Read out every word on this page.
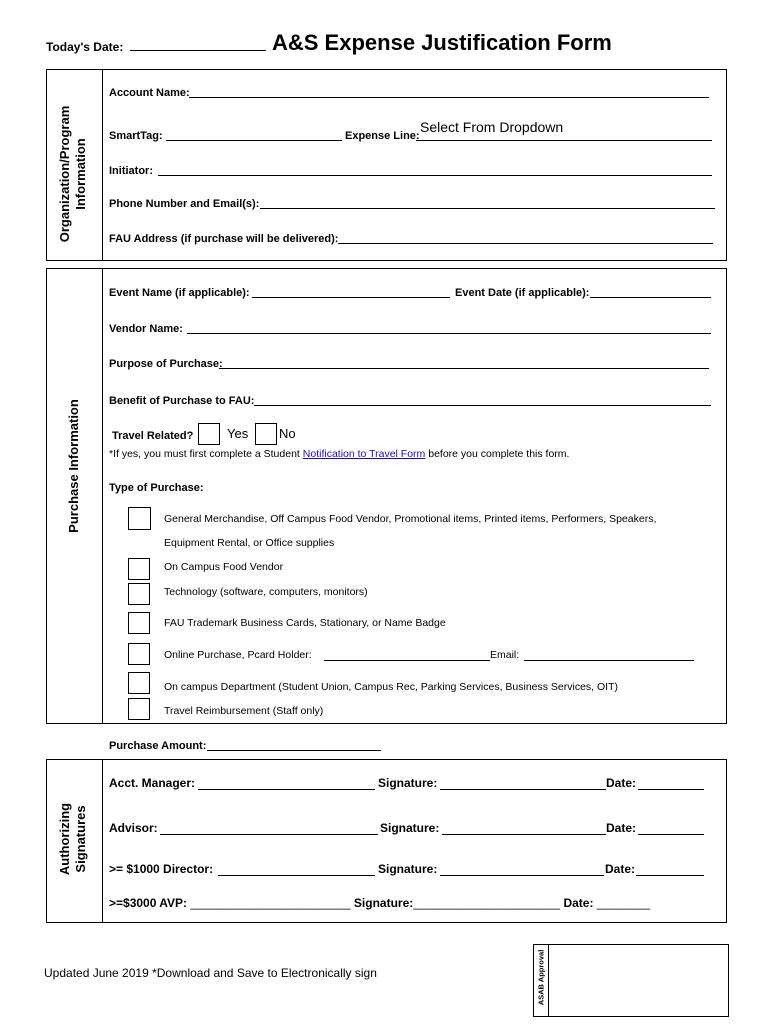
Today's Date:	A&S Expense Justification Form
Organization/Program Information
Account Name:
SmartTag:	Expense Line:
Select From Dropdown
Initiator:
Phone Number and Email(s):
FAU Address (if purchase will be delivered):
Purchase Information
Event Name (if applicable):	Event Date (if applicable):
Vendor Name:
Purpose of Purchase:
Benefit of Purchase to FAU:
Travel Related?	Yes No
*If yes, you must first complete a Student Notification to Travel Form before you complete this form.
Type of Purchase:
General Merchandise, Off Campus Food Vendor, Promotional items, Printed items, Performers, Speakers,
Equipment Rental, or Office supplies
On Campus Food Vendor
Technology (software, computers, monitors)
FAU Trademark Business Cards, Stationary, or Name Badge
Online Purchase, Pcard Holder:	Email:
On campus Department (Student Union, Campus Rec, Parking Services, Business Services, OIT)
Travel Reimbursement (Staff only)
Purchase Amount:
Authorizing Signatures
Acct. Manager:	Signature:	Date:
Advisor:	Signature:	Date:
>= $1000 Director:	Signature:	Date:
>=$3000 AVP: ________________________ Signature:______________________ Date: ________
Updated June 2019 *Download and Save to Electronically sign	ASAB Approval
